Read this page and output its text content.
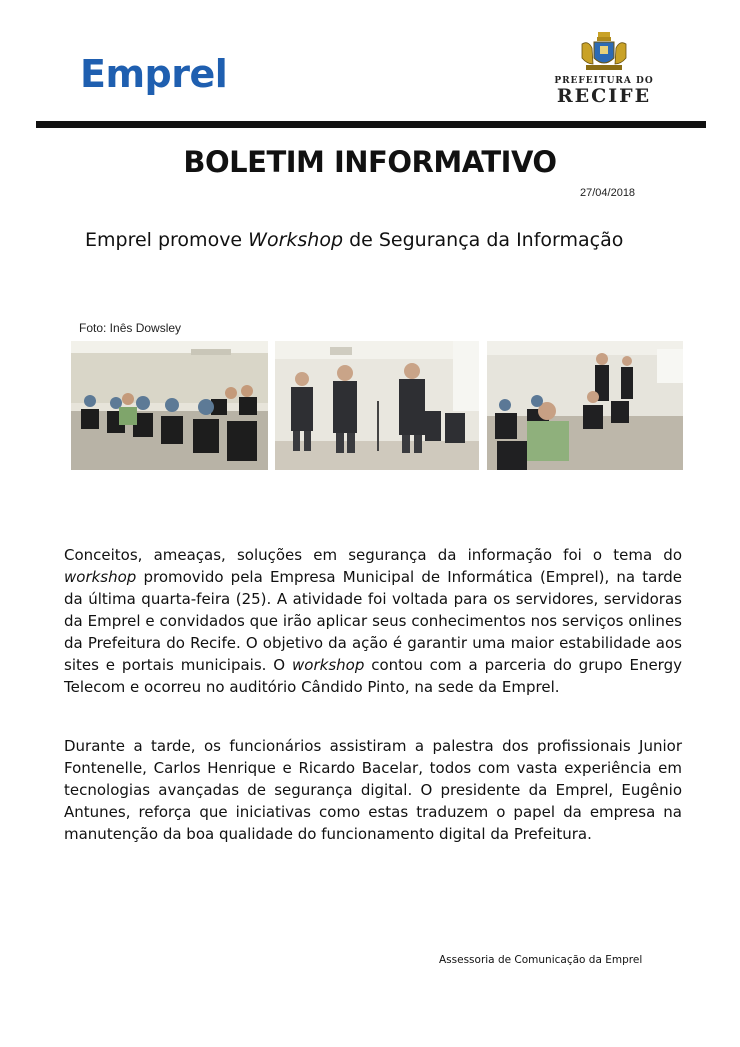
Emprel	PREFEITURA DO
RECIFE
BOLETIM INFORMATIVO
27/04/2018
Emprel promove Workshop de Segurança da Informação
Foto: Inês Dowsley
Conceitos, ameaças, soluções em segurança da informação foi o tema do workshop promovido pela Empresa Municipal de Informática (Emprel), na tarde da última quarta-feira (25). A atividade foi voltada para os servidores, servidoras da Emprel e convidados que irão aplicar seus conhecimentos nos serviços onlines da Prefeitura do Recife. O objetivo da ação é garantir uma maior estabilidade aos sites e portais municipais. O workshop contou com a parceria do grupo Energy Telecom e ocorreu no auditório Cândido Pinto, na sede da Emprel.
Durante a tarde, os funcionários assistiram a palestra dos profissionais Junior Fontenelle, Carlos Henrique e Ricardo Bacelar, todos com vasta experiência em tecnologias avançadas de segurança digital. O presidente da Emprel, Eugênio Antunes, reforça que iniciativas como estas traduzem o papel da empresa na manutenção da boa qualidade do funcionamento digital da Prefeitura.
Assessoria de Comunicação da Emprel
